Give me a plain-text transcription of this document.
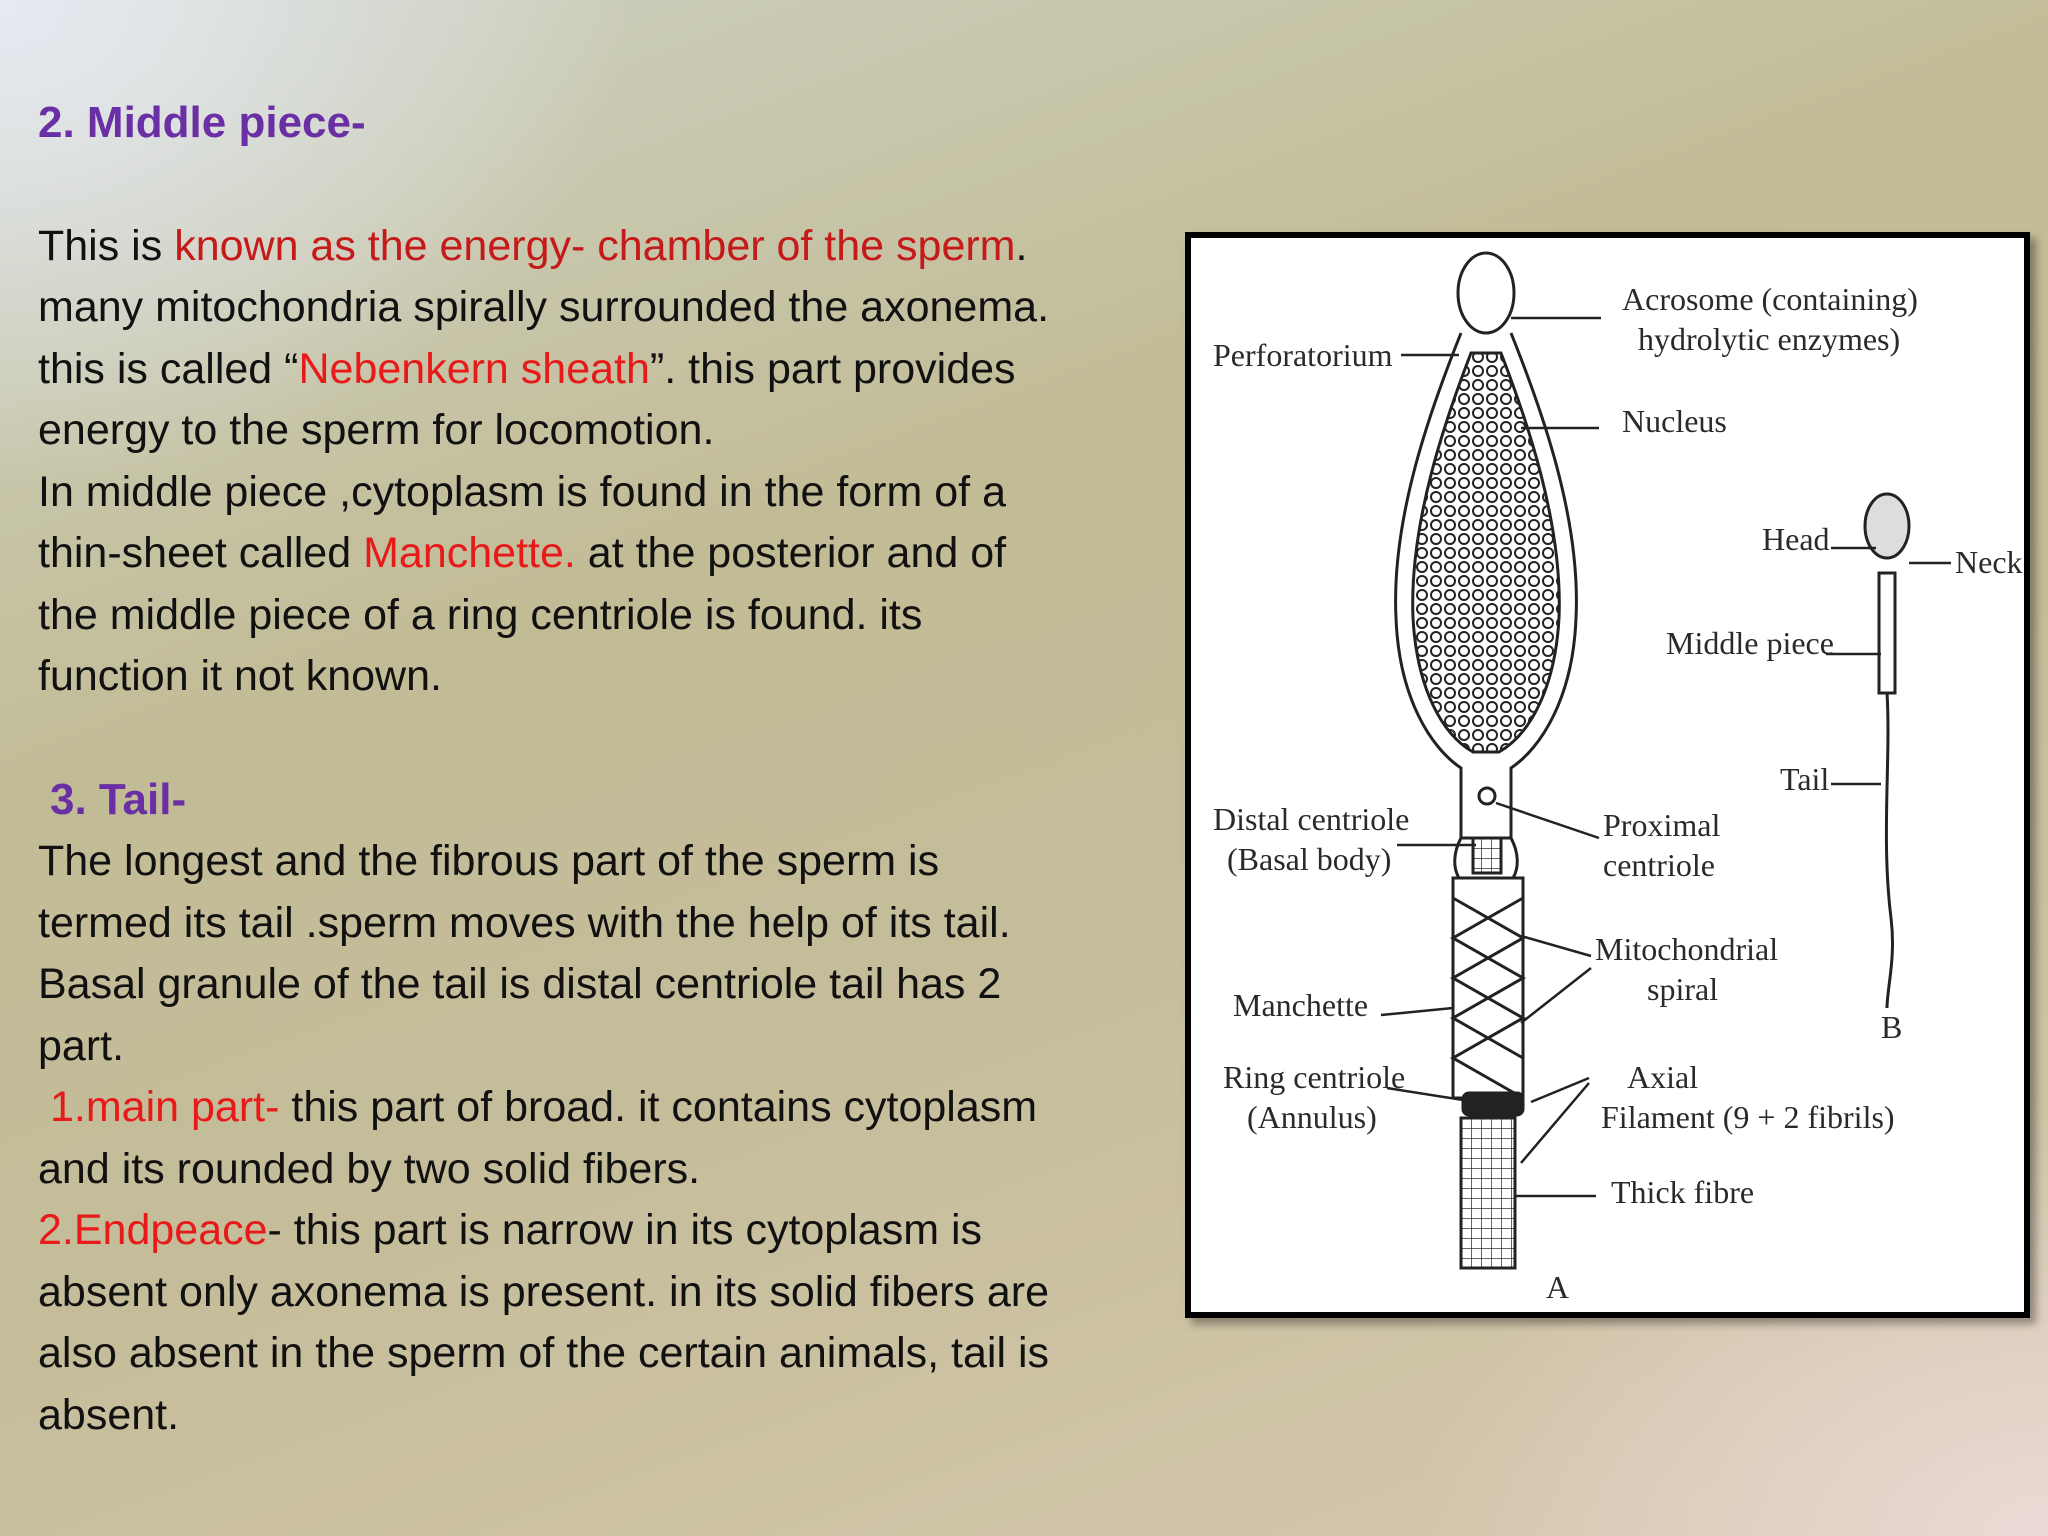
2. Middle piece-
This is known as the energy- chamber of the sperm.
many mitochondria spirally surrounded the axonema.
this is called “Nebenkern sheath”. this part provides
energy to the sperm for locomotion.
In middle piece ,cytoplasm is found in the form of a
thin-sheet called Manchette. at the posterior and of
the middle piece of a ring centriole is found. its
function it not known.
3. Tail-
The longest and the fibrous part of the sperm is
termed its tail .sperm moves with the help of its tail.
Basal granule of the tail is distal centriole tail has 2
part.
1.main part- this part of broad. it contains cytoplasm
and its rounded by two solid fibers.
2.Endpeace- this part is narrow in its cytoplasm is
absent only axonema is present. in its solid fibers are
also absent in the sperm of the certain animals, tail is
absent.
Perforatorium
Acrosome (containing)
hydrolytic enzymes)
Nucleus
Head
Neck
Middle piece
Tail
Distal centriole
(Basal body)
Proximal
centriole
Mitochondrial
spiral
Manchette
Ring centriole
(Annulus)
Axial
Filament (9 + 2 fibrils)
Thick fibre
A
B
